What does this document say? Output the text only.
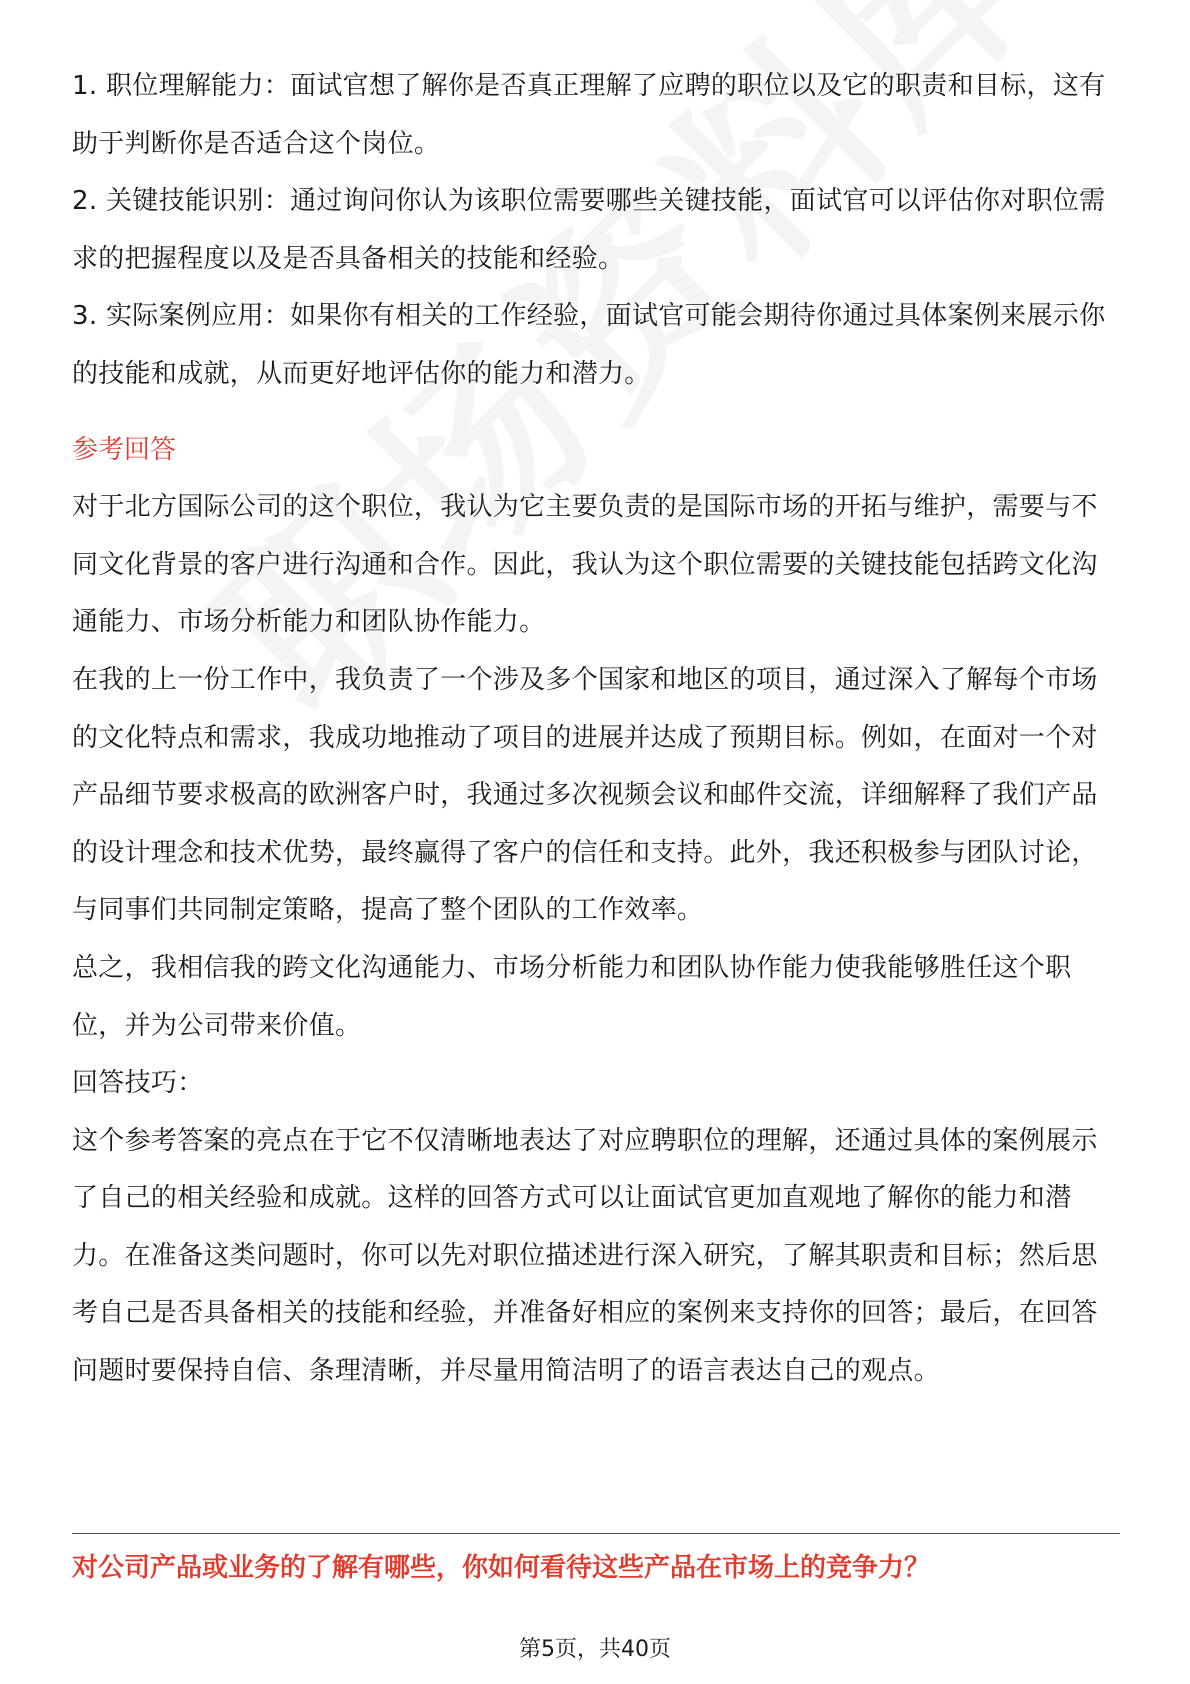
1. 职位理解能力：面试官想了解你是否真正理解了应聘的职位以及它的职责和目标，这有助于判断你是否适合这个岗位。

2. 关键技能识别：通过询问你认为该职位需要哪些关键技能，面试官可以评估你对职位需求的把握程度以及是否具备相关的技能和经验。

3. 实际案例应用：如果你有相关的工作经验，面试官可能会期待你通过具体案例来展示你的技能和成就，从而更好地评估你的能力和潜力。

参考回答

对于北方国际公司的这个职位，我认为它主要负责的是国际市场的开拓与维护，需要与不同文化背景的客户进行沟通和合作。因此，我认为这个职位需要的关键技能包括跨文化沟通能力、市场分析能力和团队协作能力。

在我的上一份工作中，我负责了一个涉及多个国家和地区的项目，通过深入了解每个市场的文化特点和需求，我成功地推动了项目的进展并达成了预期目标。例如，在面对一个对产品细节要求极高的欧洲客户时，我通过多次视频会议和邮件交流，详细解释了我们产品的设计理念和技术优势，最终赢得了客户的信任和支持。此外，我还积极参与团队讨论，与同事们共同制定策略，提高了整个团队的工作效率。

总之，我相信我的跨文化沟通能力、市场分析能力和团队协作能力使我能够胜任这个职位，并为公司带来价值。

回答技巧：

这个参考答案的亮点在于它不仅清晰地表达了对应聘职位的理解，还通过具体的案例展示了自己的相关经验和成就。这样的回答方式可以让面试官更加直观地了解你的能力和潜力。在准备这类问题时，你可以先对职位描述进行深入研究，了解其职责和目标；然后思考自己是否具备相关的技能和经验，并准备好相应的案例来支持你的回答；最后，在回答问题时要保持自信、条理清晰，并尽量用简洁明了的语言表达自己的观点。

对公司产品或业务的了解有哪些，你如何看待这些产品在市场上的竞争力？

第5页，共40页
